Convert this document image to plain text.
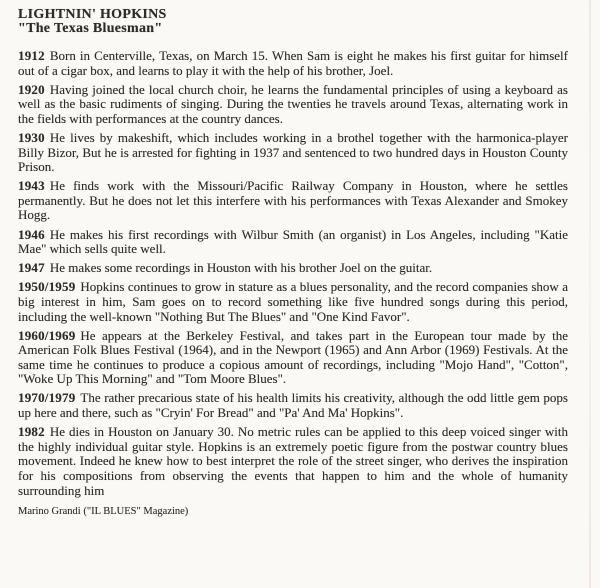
LIGHTNIN' HOPKINS
"The Texas Bluesman"

1912 Born in Centerville, Texas, on March 15. When Sam is eight he makes his first guitar for himself out of a cigar box, and learns to play it with the help of his brother, Joel.

1920 Having joined the local church choir, he learns the fundamental principles of using a keyboard as well as the basic rudiments of singing. During the twenties he travels around Texas, alternating work in the fields with performances at the country dances.

1930 He lives by makeshift, which includes working in a brothel together with the harmonica-player Billy Bizor, But he is arrested for fighting in 1937 and sentenced to two hundred days in Houston County Prison.

1943 He finds work with the Missouri/Pacific Railway Company in Houston, where he settles permanently. But he does not let this interfere with his performances with Texas Alexander and Smokey Hogg.

1946 He makes his first recordings with Wilbur Smith (an organist) in Los Angeles, including "Katie Mae" which sells quite well.

1947 He makes some recordings in Houston with his brother Joel on the guitar.

1950/1959 Hopkins continues to grow in stature as a blues personality, and the record companies show a big interest in him, Sam goes on to record something like five hundred songs during this period, including the well-known "Nothing But The Blues" and "One Kind Favor".

1960/1969 He appears at the Berkeley Festival, and takes part in the European tour made by the American Folk Blues Festival (1964), and in the Newport (1965) and Ann Arbor (1969) Festivals. At the same time he continues to produce a copious amount of recordings, including "Mojo Hand", "Cotton", "Woke Up This Morning" and "Tom Moore Blues".

1970/1979 The rather precarious state of his health limits his creativity, although the odd little gem pops up here and there, such as "Cryin' For Bread" and "Pa' And Ma' Hopkins".

1982 He dies in Houston on January 30. No metric rules can be applied to this deep voiced singer with the highly individual guitar style. Hopkins is an extremely poetic figure from the postwar country blues movement. Indeed he knew how to best interpret the role of the street singer, who derives the inspiration for his compositions from observing the events that happen to him and the whole of humanity surrounding him

Marino Grandi ("IL BLUES" Magazine)
